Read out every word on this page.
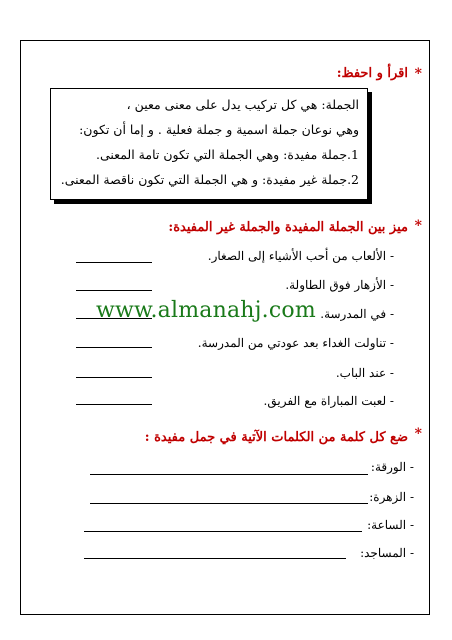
*
اقرأ و احفظ:
الجملة: هي كل تركيب يدل على معنى معين ،
وهي نوعان جملة اسمية و جملة فعلية . و إما أن تكون:
1.جملة مفيدة: وهي الجملة التي تكون تامة المعنى.
2.جملة غير مفيدة: و هي الجملة التي تكون ناقصة المعنى.
*
ميز بين الجملة المفيدة والجملة غير المفيدة:
- الألعاب من أحب الأشياء إلى الصغار.
- الأزهار فوق الطاولة.
- في المدرسة.
- تناولت الغداء بعد عودتي من المدرسة.
- عند الباب.
- لعبت المباراة مع الفريق.
www.almanahj.com
*
ضع كل كلمة من الكلمات الآتية في جمل مفيدة :
- الورقة:
- الزهرة:
- الساعة:
- المساجد:
